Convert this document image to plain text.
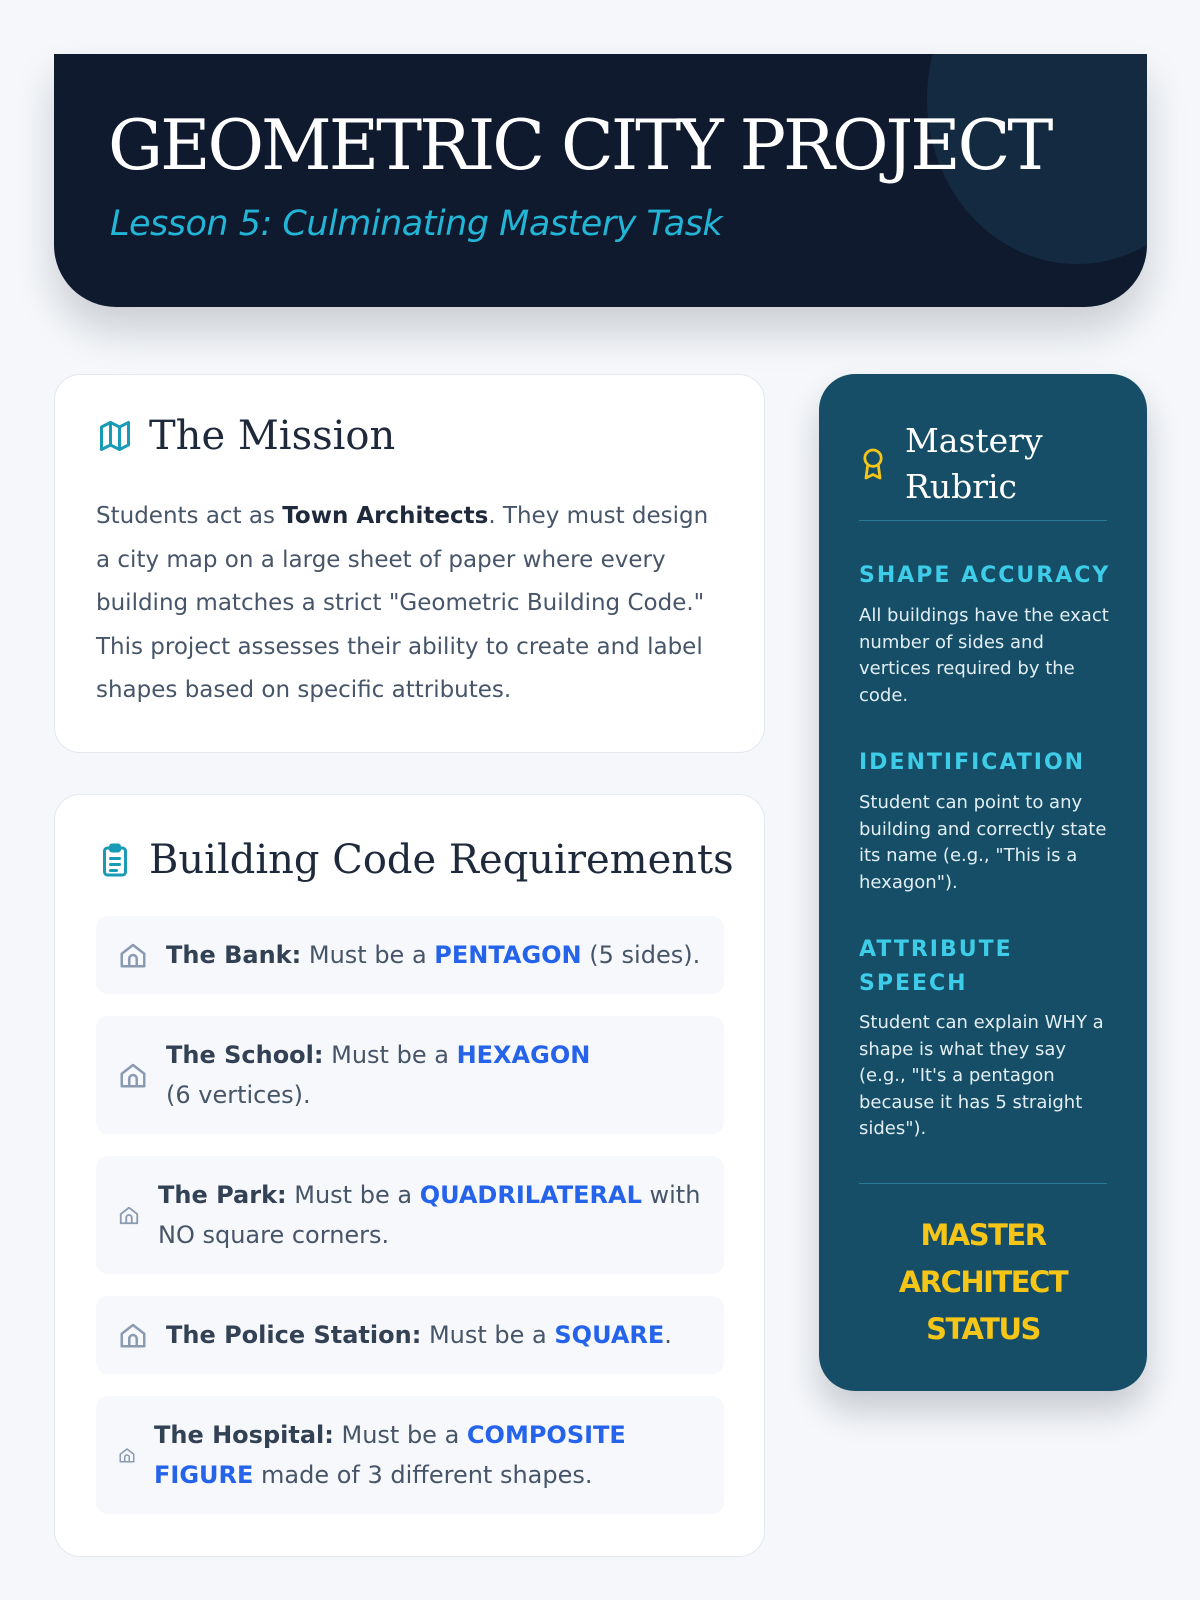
GEOMETRIC CITY PROJECT
Lesson 5: Culminating Mastery Task
The Mission

Students act as Town Architects. They must design a city map on a large sheet of paper where every building matches a strict "Geometric Building Code." This project assesses their ability to create and label shapes based on specific attributes.

Building Code Requirements
The Bank: Must be a PENTAGON (5 sides).
The School: Must be a HEXAGON (6 vertices).
The Park: Must be a QUADRILATERAL with NO square corners.
The Police Station: Must be a SQUARE.
The Hospital: Must be a COMPOSITE FIGURE made of 3 different shapes.
Mastery Rubric
SHAPE ACCURACY
All buildings have the exact number of sides and vertices required by the code.
IDENTIFICATION
Student can point to any building and correctly state its name (e.g., "This is a hexagon").
ATTRIBUTE SPEECH
Student can explain WHY a shape is what they say (e.g., "It's a pentagon because it has 5 straight sides").
MASTER ARCHITECT STATUS
